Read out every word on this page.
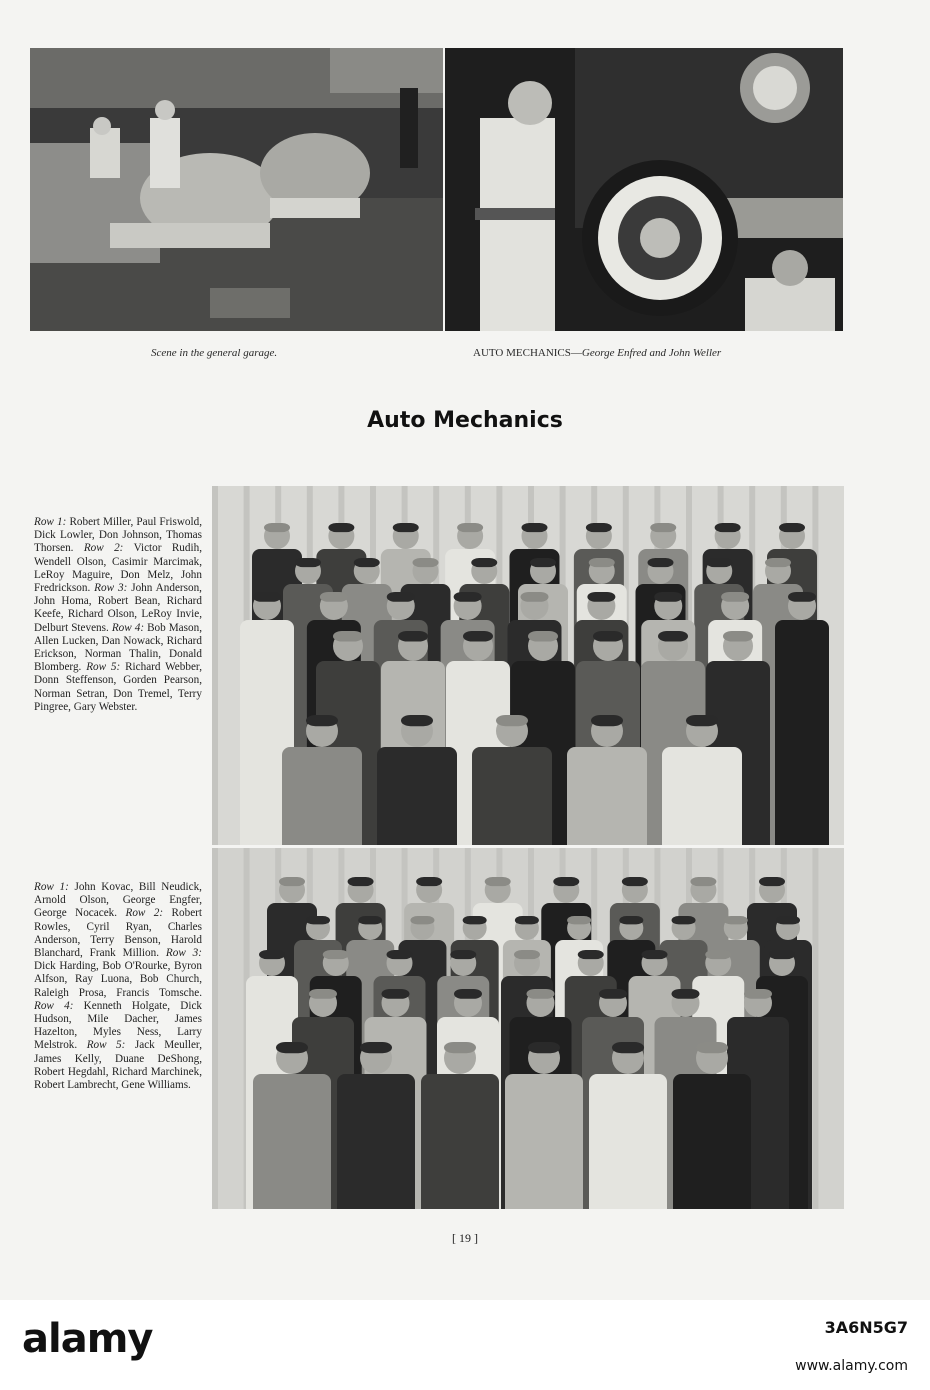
Scene in the general garage.	AUTO MECHANICS—George Enfred and John Weller
Auto Mechanics
Row 1: Robert Miller, Paul Friswold, Dick Lowler, Don Johnson, Thomas Thorsen. Row 2: Victor Rudih, Wendell Olson, Casimir Marcimak, LeRoy Maguire, Don Melz, John Fredrickson. Row 3: John Anderson, John Homa, Robert Bean, Richard Keefe, Richard Olson, LeRoy Invie, Delburt Stevens. Row 4: Bob Mason, Allen Lucken, Dan Nowack, Richard Erickson, Norman Thalin, Donald Blomberg. Row 5: Richard Webber, Donn Steffenson, Gorden Pearson, Norman Setran, Don Tremel, Terry Pingree, Gary Webster.
Row 1: John Kovac, Bill Neudick, Arnold Olson, George Engfer, George Nocacek. Row 2: Robert Rowles, Cyril Ryan, Charles Anderson, Terry Benson, Harold Blanchard, Frank Million. Row 3: Dick Harding, Bob O'Rourke, Byron Alfson, Ray Luona, Bob Church, Raleigh Prosa, Francis Tomsche. Row 4: Kenneth Holgate, Dick Hudson, Mile Dacher, James Hazelton, Myles Ness, Larry Melstrok. Row 5: Jack Meuller, James Kelly, Duane DeShong, Robert Hegdahl, Richard Marchinek, Robert Lambrecht, Gene Williams.
[ 19 ]
alamy	3A6N5G7
www.alamy.com
